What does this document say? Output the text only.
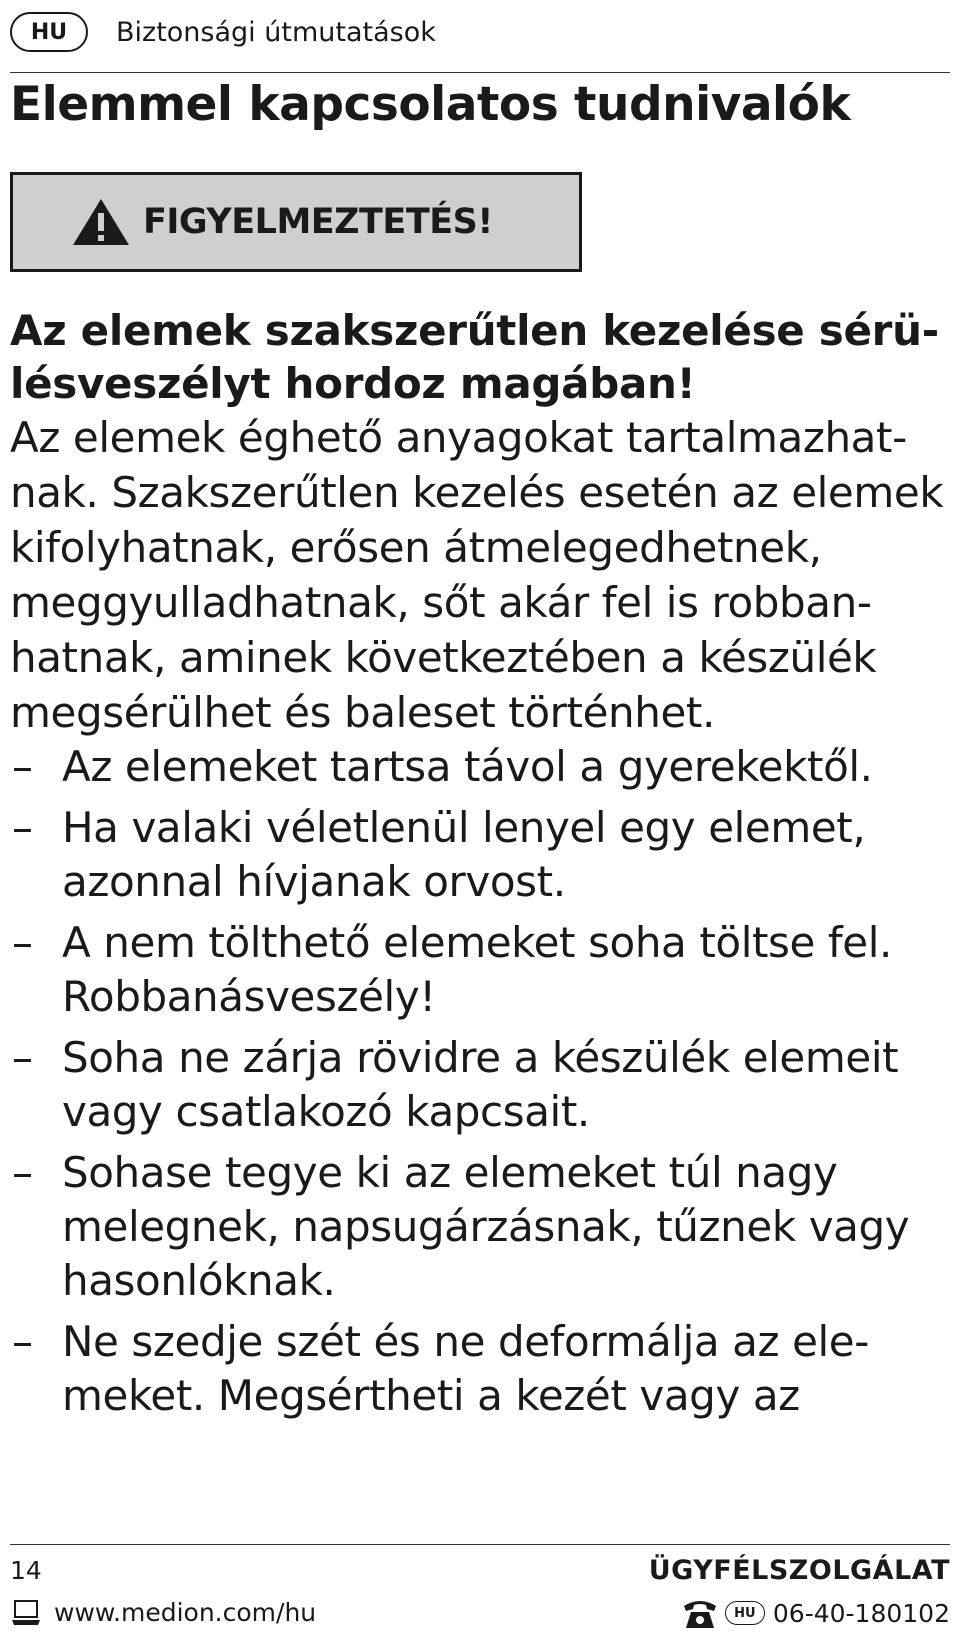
HU	Biztonsági útmutatások
Elemmel kapcsolatos tudnivalók
FIGYELMEZTETÉS!

Az elemek szakszerűtlen kezelése sérülésveszélyt hordoz magában!

Az elemek éghető anyagokat tartalmazhatnak. Szakszerűtlen kezelés esetén az elemek kifolyhatnak, erősen átmelegedhetnek, meggyulladhatnak, sőt akár fel is robbanhatnak, aminek következtében a készülék megsérülhet és baleset történhet.

– Az elemeket tartsa távol a gyerekektől.
– Ha valaki véletlenül lenyel egy elemet, azonnal hívjanak orvost.
– A nem tölthető elemeket soha töltse fel. Robbanásveszély!
– Soha ne zárja rövidre a készülék elemeit vagy csatlakozó kapcsait.
– Sohase tegye ki az elemeket túl nagy melegnek, napsugárzásnak, tűznek vagy hasonlóknak.
– Ne szedje szét és ne deformálja az elemeket. Megsértheti a kezét vagy az
14
www.medion.com/hu
ÜGYFÉLSZOLGÁLAT
HU 06-40-180102
